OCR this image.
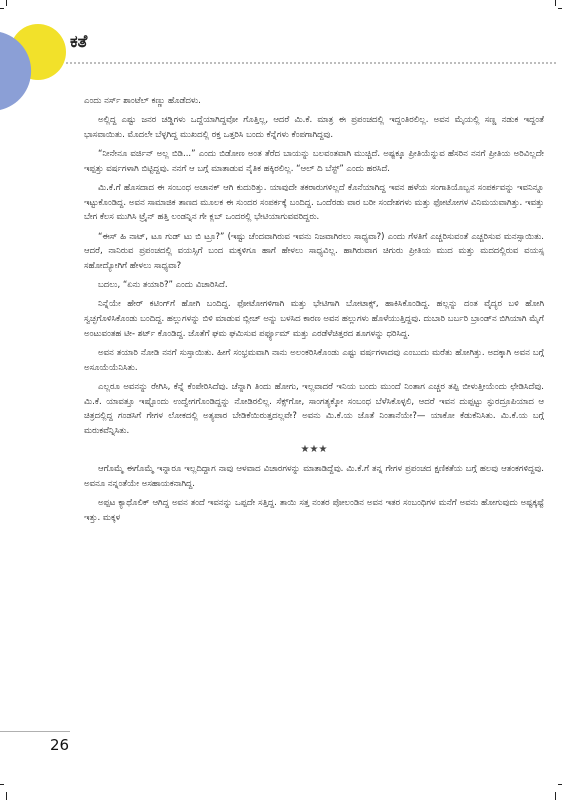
ಕತೆ

ಎಂದು ನರ್ಸ್ ಶಾಂಟೆಲ್ ಕಣ್ಣು ಹೊಡೆದಳು.

ಅಲ್ಲಿದ್ದ ಎಷ್ಟು ಜನರ ಚಡ್ಡಿಗಳು ಒದ್ದೆಯಾಗಿದ್ದವೋ ಗೊತ್ತಿಲ್ಲ, ಆದರೆ ಮಿ.ಕೆ. ಮಾತ್ರ ಈ ಪ್ರಪಂಚದಲ್ಲಿ ಇದ್ದಂತಿರಲಿಲ್ಲ. ಅವನ ಮೈಯಲ್ಲಿ ಸಣ್ಣ ನಡುಕ ಇದ್ದಂತೆ ಭಾಸವಾಯಿತು. ಮೊದಲೇ ಬೆಳ್ಳಗಿದ್ದ ಮುಖದಲ್ಲಿ ರಕ್ತ ಒತ್ತರಿಸಿ ಬಂದು ಕೆನ್ನೆಗಳು ಕೆಂಪಗಾಗಿದ್ದವು.

“ನೀನೇನೂ ವರ್ಜಿನ್ ಅಲ್ಲ ಬಿಡಿ...” ಎಂದು ಬಿಡೋಣ ಅಂತ ತೆರೆದ ಬಾಯನ್ನು ಬಲವಂತವಾಗಿ ಮುಚ್ಚಿದೆ. ಅಷ್ಟಕ್ಕೂ ಪ್ರೀತಿಯೆನ್ನುವ ಹೆಸರಿನ ನನಗೆ ಪ್ರೀತಿಯ ಅರಿವಿಲ್ಲದೇ ಇಪ್ಪತ್ತು ವರ್ಷಗಳಾಗಿ ಬಿಟ್ಟಿದ್ದವು. ನನಗೆ ಆ ಬಗ್ಗೆ ಮಾತಾಡುವ ನೈತಿಕ ಹಕ್ಕಿರಲಿಲ್ಲ. “ಆಲ್ ದಿ ಬೆಸ್ಟ್” ಎಂದು ಹರಸಿದೆ.

ಮಿ.ಕೆ.ಗೆ ಹೊಸದಾದ ಈ ಸಂಬಂಧ ಅಚಾನಕ್ ಆಗಿ ಕುದುರಿತ್ತು. ಯಾವುದೇ ತಕರಾರುಗಳಿಲ್ಲದೆ ಕೊನೆಯಾಗಿದ್ದ ಇವನ ಹಳೆಯ ಸಂಗಾತಿಯೊಬ್ಬನ ಸಂಪರ್ಕವನ್ನು ಇವನಿನ್ನೂ ಇಟ್ಟುಕೊಂಡಿದ್ದ. ಅವನ ಸಾಮಾಜಿಕ ತಾಣದ ಮೂಲಕ ಈ ಸುಂದರ ಸಂಪರ್ಕಕ್ಕೆ ಬಂದಿದ್ದ. ಒಂದೆರಡು ವಾರ ಬರೀ ಸಂದೇಶಗಳು ಮತ್ತು ಫೋಟೋಗಳ ವಿನಿಮಯವಾಗಿತ್ತು. ಇವತ್ತು ಬೇಗ ಕೆಲಸ ಮುಗಿಸಿ ಟ್ರೈನ್ ಹತ್ತಿ ಲಂಡನ್ನಿನ ಗೇ ಕ್ಲಬ್ ಒಂದರಲ್ಲಿ ಭೇಟಿಯಾಗುವವರಿದ್ದರು.

“ಈಸ್ ಹಿ ನಾಟ್, ಟೂ ಗುಡ್ ಟು ಬಿ ಟ್ರೂ?” (ಇಷ್ಟು ಚೆಂದವಾಗಿರುವ ಇವನು ನಿಜವಾಗಿರಲು ಸಾಧ್ಯವಾ?) ಎಂದು ಗೆಳತಿಗೆ ಎಚ್ಚರಿಸುವಂತೆ ಎಚ್ಚರಿಸುವ ಮನಸ್ಸಾಯಿತು. ಆದರೆ, ನಾನಿರುವ ಪ್ರಪಂಚದಲ್ಲಿ ವಯಸ್ಸಿಗೆ ಬಂದ ಮಕ್ಕಳಿಗೂ ಹಾಗೆ ಹೇಳಲು ಸಾಧ್ಯವಿಲ್ಲ. ಹಾಗಿರುವಾಗ ಚಿಗುರು ಪ್ರೀತಿಯ ಮುದ ಮತ್ತು ಮದದಲ್ಲಿರುವ ವಯಸ್ಸ ಸಹೋದ್ಯೋಗಿಗೆ ಹೇಳಲು ಸಾಧ್ಯವಾ?

ಬದಲು, “ಏನು ತಯಾರಿ?” ಎಂದು ವಿಚಾರಿಸಿದೆ.

ನಿನ್ನೆಯೇ ಹೇರ್ ಕಟಿಂಗ್‌ಗೆ ಹೋಗಿ ಬಂದಿದ್ದ. ಫೋಟೋಗಳಿಗಾಗಿ ಮತ್ತು ಭೇಟಿಗಾಗಿ ಬೋಟಾಕ್ಸ್, ಹಾಕಿಸಿಕೊಂಡಿದ್ದ. ಹಲ್ಲನ್ನು ದಂತ ವೈದ್ಯರ ಬಳಿ ಹೋಗಿ ಸ್ವಚ್ಛಗೊಳಿಸಿಕೊಂಡು ಬಂದಿದ್ದ. ಹಲ್ಲುಗಳನ್ನು ಬಿಳಿ ಮಾಡುವ ಬ್ಲೀಚ್ ಅನ್ನು ಬಳಸಿದ ಕಾರಣ ಅವನ ಹಲ್ಲುಗಳು ಹೊಳೆಯುತ್ತಿದ್ದವು. ದುಬಾರಿ ಬರ್ಬರಿ ಬ್ರಾಂಡ್‌ನ ಬಿಗಿಯಾಗಿ ಮೈಗೆ ಅಂಟುವಂತಹ ಟೀ- ಶರ್ಟ್ ಕೊಂಡಿದ್ದ. ಜೊತೆಗೆ ಘಮ ಘಮಿಸುವ ಪರ್ಫ್ಯೂಮ್ ಮತ್ತು ಎರಡೆಳೆಚಿತ್ತರದ ಶೂಗಳನ್ನು ಧರಿಸಿದ್ದ.

ಅವನ ತಯಾರಿ ನೋಡಿ ನನಗೆ ಸುಸ್ತಾಯಿತು. ಹೀಗೆ ಸಂಭ್ರಮವಾಗಿ ನಾನು ಅಲಂಕರಿಸಿಕೊಂಡು ಎಷ್ಟು ವರ್ಷಗಳಾದವು ಎಂಬುದು ಮರೆತು ಹೋಗಿತ್ತು. ಅದಕ್ಕಾಗಿ ಅವನ ಬಗ್ಗೆ ಅಸೂಯೆಯೆನಿಸಿತು.

ಎಲ್ಲರೂ ಅವನನ್ನು ರೇಗಿಸಿ, ಕೆನ್ನೆ ಕೆಂಪೇರಿಸಿದೆವು. ಚೆನ್ನಾಗಿ ತಿಂದು ಹೋಗು, ಇಲ್ಲವಾದರೆ ಇನಿಯ ಬಂದು ಮುಂದೆ ನಿಂತಾಗ ಎಚ್ಚರ ತಪ್ಪಿ ಬೀಳುತ್ತೀಯೆಂದು ಛೇಡಿಸಿದೆವು. ಮಿ.ಕೆ. ಯಾವತ್ತೂ ಇಷ್ಟೊಂದು ಉದ್ವೇಗಗೊಂಡಿದ್ದನ್ನು ನೋಡಿರಲಿಲ್ಲ. ಸೆಕ್ಸ್‌ಗೋ, ಸಾಂಗತ್ಯಕ್ಕೋ ಸಂಬಂಧ ಬೆಳೆಸಿಕೊಳ್ಳಲಿ, ಆದರೆ ಇವನ ದುಪ್ಪಟ್ಟು ಸ್ಫುರದ್ರೂಪಿಯಾದ ಆ ಚಿತ್ರದಲ್ಲಿದ್ದ ಗಂಡಸಿಗೆ ಗೇಗಳ ಲೋಕದಲ್ಲಿ ಅತ್ಯಪಾರ ಬೇಡಿಕೆಯಿರುತ್ತದಲ್ಲವೇ? ಅವನು ಮಿ.ಕೆ.ಯ ಜೊತೆ ನಿಂತಾನೆಯೇ?— ಯಾಕೋ ಕೆಡುಕೆನಿಸಿತು. ಮಿ.ಕೆ.ಯ ಬಗ್ಗೆ ಮರುಕವೆನ್ನಿಸಿತು.

★★★

ಆಗೊಮ್ಮೆ ಈಗೊಮ್ಮೆ ಇನ್ನಾರೂ ಇಲ್ಲದಿದ್ದಾಗ ನಾವು ಆಳವಾದ ವಿಚಾರಗಳನ್ನು ಮಾತಾಡಿದ್ದೆವು. ಮಿ.ಕೆ.ಗೆ ತನ್ನ ಗೇಗಳ ಪ್ರಪಂಚದ ಕ್ಷಣಿಕತೆಯ ಬಗ್ಗೆ ಹಲವು ಆತಂಕಗಳಿದ್ದವು. ಅವನೂ ನನ್ನಂತೆಯೇ ಅಸಹಾಯಕನಾಗಿದ್ದ.

ಅಪ್ಪಟ ಕ್ಯಾಥೊಲಿಕ್ ಆಗಿದ್ದ ಅವನ ತಂದೆ ಇವನನ್ನು ಒಪ್ಪದೇ ಸತ್ತಿದ್ದ. ತಾಯಿ ಸತ್ತ ನಂತರ ಪೋಲಂಡಿನ ಅವನ ಇತರ ಸಂಬಂಧಿಗಳ ಮನೆಗೆ ಅವನು ಹೋಗುವುದು ಅಷ್ಟಕ್ಕಷ್ಟೆ ಇತ್ತು. ಮಕ್ಕಳ

26
